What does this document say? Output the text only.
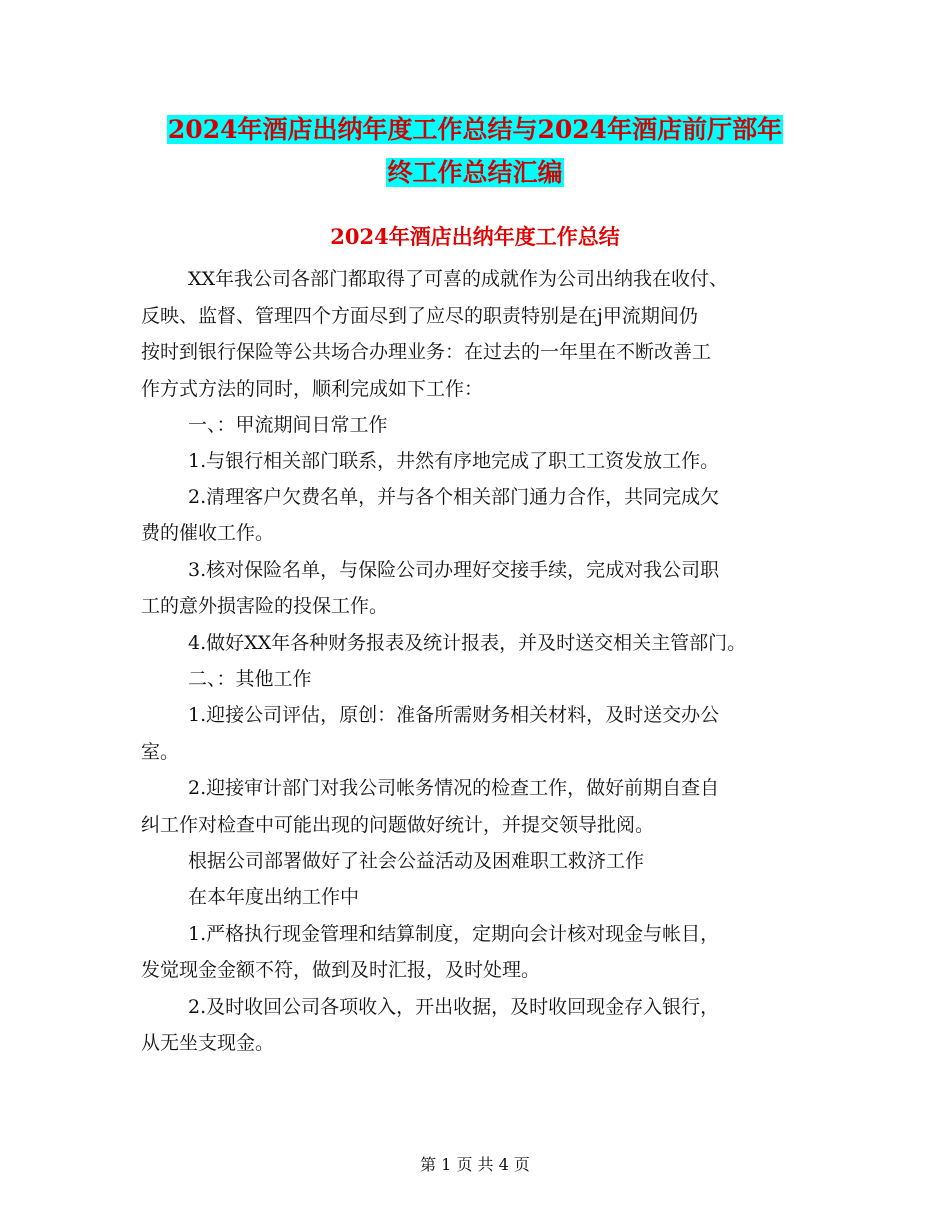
2024年酒店出纳年度工作总结与2024年酒店前厅部年
终工作总结汇编
2024年酒店出纳年度工作总结
XX年我公司各部门都取得了可喜的成就作为公司出纳我在收付、
反映、监督、管理四个方面尽到了应尽的职责特别是在j甲流期间仍
按时到银行保险等公共场合办理业务：在过去的一年里在不断改善工
作方式方法的同时，顺利完成如下工作：
一、：甲流期间日常工作
1.与银行相关部门联系，井然有序地完成了职工工资发放工作。
2.清理客户欠费名单，并与各个相关部门通力合作，共同完成欠
费的催收工作。
3.核对保险名单，与保险公司办理好交接手续，完成对我公司职
工的意外损害险的投保工作。
4.做好XX年各种财务报表及统计报表，并及时送交相关主管部门。
二、：其他工作
1.迎接公司评估，原创：准备所需财务相关材料，及时送交办公
室。
2.迎接审计部门对我公司帐务情况的检查工作，做好前期自查自
纠工作对检查中可能出现的问题做好统计，并提交领导批阅。
根据公司部署做好了社会公益活动及困难职工救济工作
在本年度出纳工作中
1.严格执行现金管理和结算制度，定期向会计核对现金与帐目，
发觉现金金额不符，做到及时汇报，及时处理。
2.及时收回公司各项收入，开出收据，及时收回现金存入银行，
从无坐支现金。
第 1 页 共 4 页
